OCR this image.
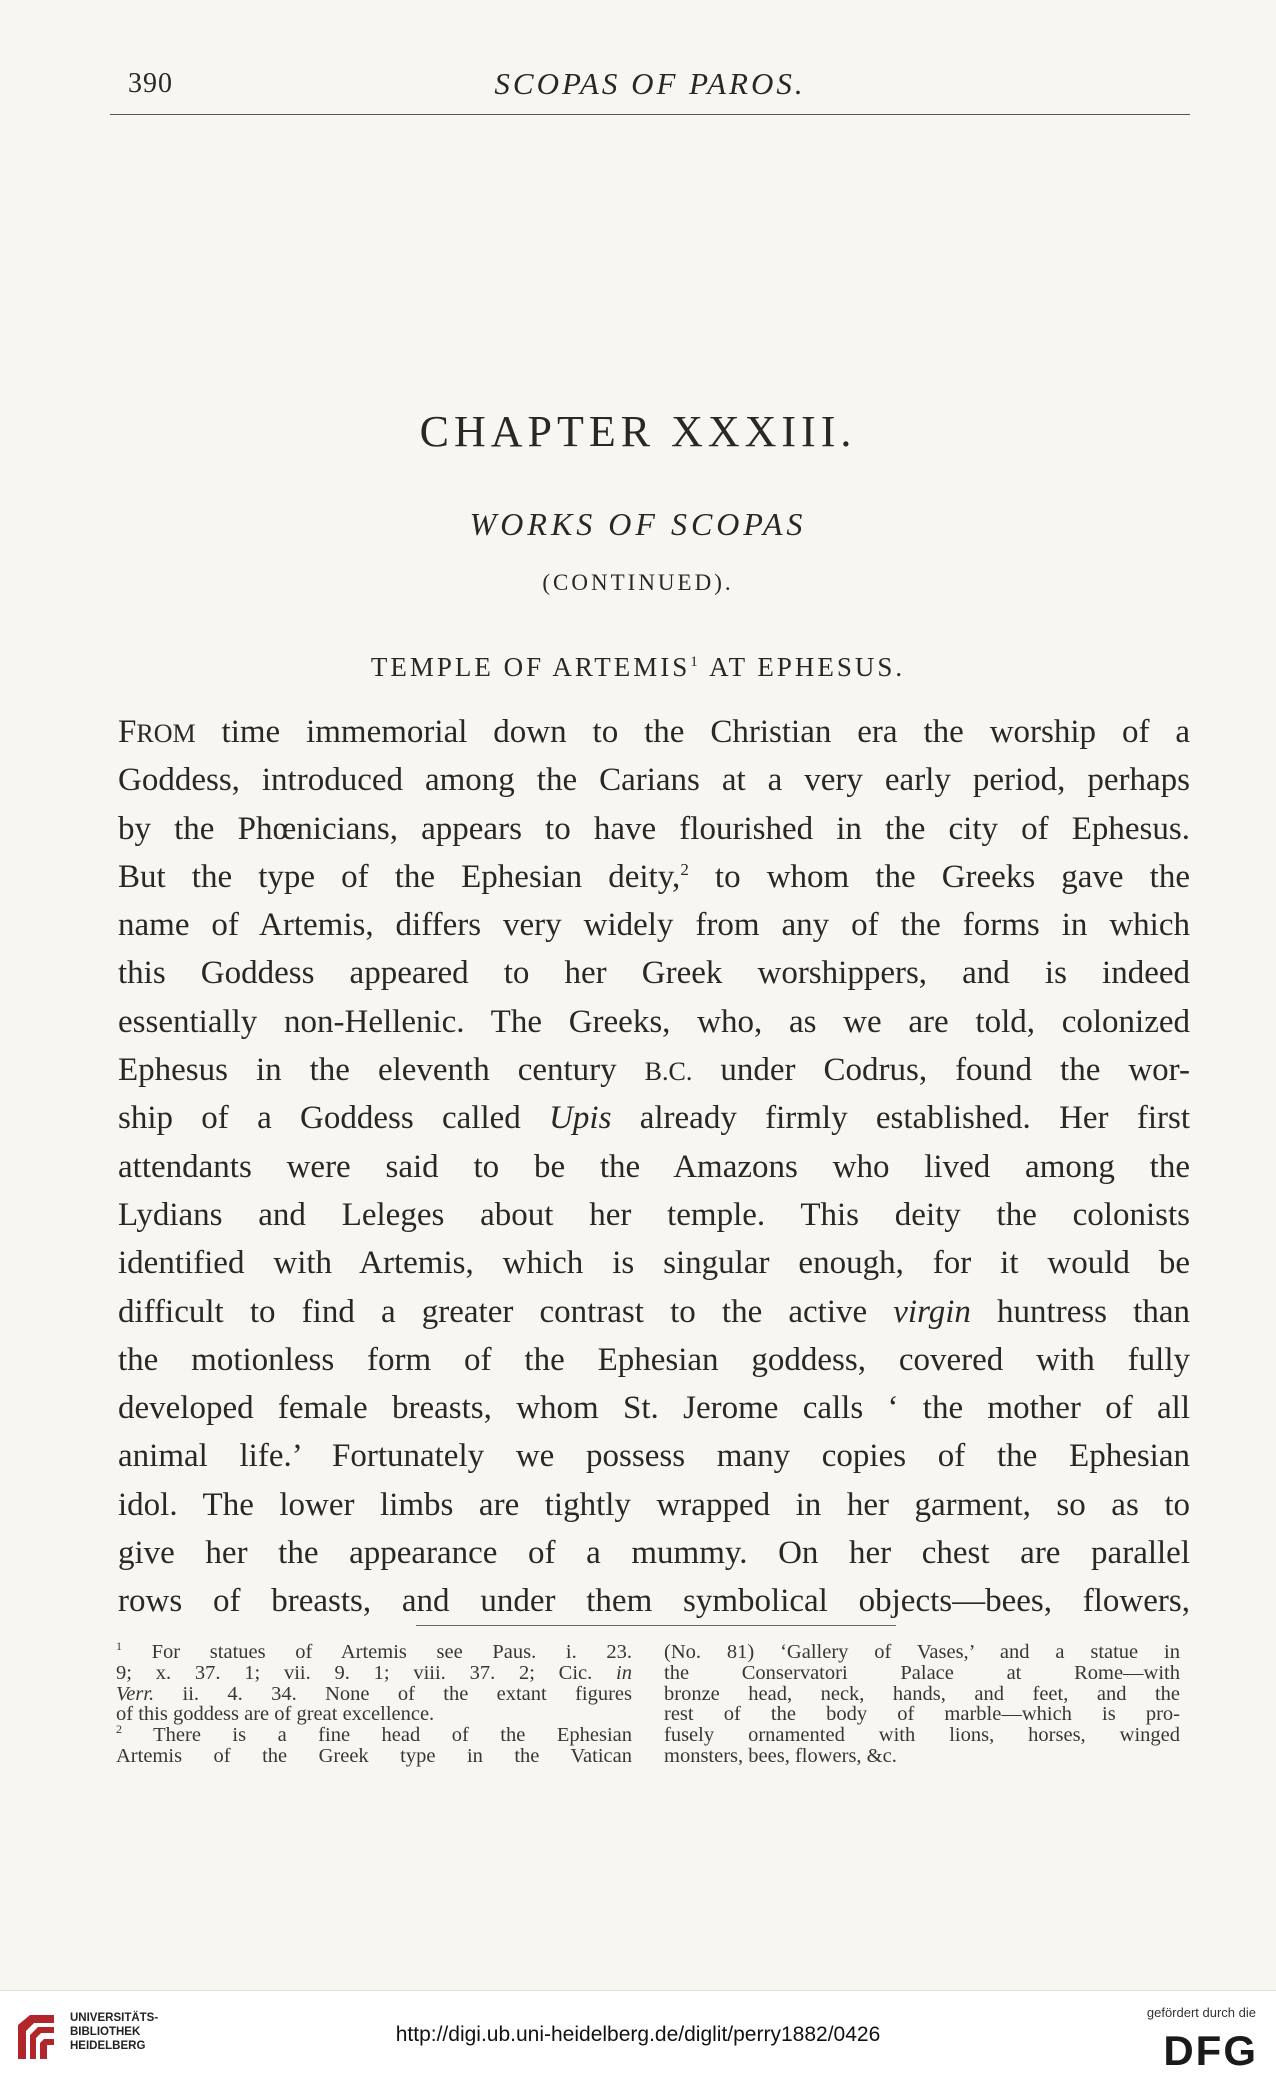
390	SCOPAS OF PAROS.
CHAPTER XXXIII.
WORKS OF SCOPAS
(CONTINUED).
TEMPLE OF ARTEMIS$^1$ AT EPHESUS.
FROM time immemorial down to the Christian era the worship of a
Goddess, introduced among the Carians at a very early period, perhaps
by the Phœnicians, appears to have flourished in the city of Ephesus.
But the type of the Ephesian deity,$^2$ to whom the Greeks gave the
name of Artemis, differs very widely from any of the forms in which
this Goddess appeared to her Greek worshippers, and is indeed
essentially non-Hellenic. The Greeks, who, as we are told, colonized
Ephesus in the eleventh century B.C. under Codrus, found the wor-
ship of a Goddess called Upis already firmly established. Her first
attendants were said to be the Amazons who lived among the
Lydians and Leleges about her temple. This deity the colonists
identified with Artemis, which is singular enough, for it would be
difficult to find a greater contrast to the active virgin huntress than
the motionless form of the Ephesian goddess, covered with fully
developed female breasts, whom St. Jerome calls ‘ the mother of all
animal life.’ Fortunately we possess many copies of the Ephesian
idol. The lower limbs are tightly wrapped in her garment, so as to
give her the appearance of a mummy. On her chest are parallel
rows of breasts, and under them symbolical objects—bees, flowers,
$^1$ For statues of Artemis see Paus. i. 23.
9; x. 37. 1; vii. 9. 1; viii. 37. 2; Cic. in
Verr. ii. 4. 34. None of the extant figures
of this goddess are of great excellence.
$^2$ There is a fine head of the Ephesian
Artemis of the Greek type in the Vatican
(No. 81) ‘Gallery of Vases,’ and a statue in
the Conservatori Palace at Rome—with
bronze head, neck, hands, and feet, and the
rest of the body of marble—which is pro-
fusely ornamented with lions, horses, winged
monsters, bees, flowers, &c.
UNIVERSITÄTS-
BIBLIOTHEK
HEIDELBERG	http://digi.ub.uni-heidelberg.de/diglit/perry1882/0426
gefördert durch die
DFG
